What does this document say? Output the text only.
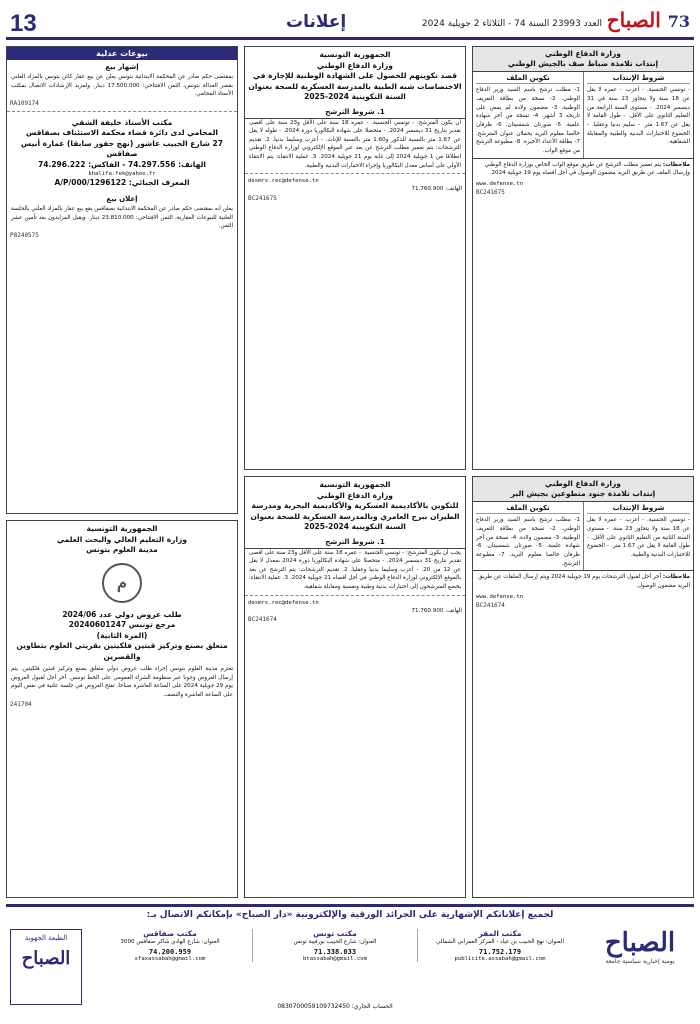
13	إعلانات	العدد 23993 السنة 74 - الثلاثاء 2 جويلية 2024	73 الصباح
وزارة الدفاع الوطني
إنتداب تلامذة ضباط صف بالجيش الوطني
شروط الإنتداب
- تونسي الجنسية. - أعزب. - عمره لا يقل عن 18 سنة ولا يتجاوز 23 سنة في 31 ديسمبر 2024. - مستوى السنة الرابعة من التعليم الثانوي على الأقل. - طول القامة لا يقل عن 1.67 متر. - سليم بدنيا وعقليا. - الخضوع للاختبارات البدنية والطبية والمقابلة الشفاهية.
تكوين الملف
1- مطلب ترشح باسم السيد وزير الدفاع الوطني. 2- نسخة من بطاقة التعريف الوطنية. 3- مضمون ولادة لم يمض على تاريخه 3 أشهر. 4- نسخة من آخر شهادة علمية. 5- صورتان شمسيتان. 6- ظرفان خالصا معلوم البريد يحملان عنوان المترشح. 7- بطاقة الأعداد الأخيرة. 8- مطبوعة الترشح من موقع الواب.
ملاحظات: يتم تعمير مطلب الترشح عن طريق موقع الواب الخاص بوزارة الدفاع الوطني وإرسال الملف عن طريق البريد مضمون الوصول في أجل أقصاه يوم 19 جويلية 2024.
www.defense.tn
BC241675
وزارة الدفاع الوطني
إنتداب تلامذة جنود متطوعين بجيش البر
شروط الإنتداب
- تونسي الجنسية. - أعزب. - عمره لا يقل عن 18 سنة ولا يتجاوز 23 سنة. - مستوى السنة الثانية من التعليم الثانوي على الأقل. - طول القامة لا يقل عن 1.67 متر. - الخضوع للاختبارات البدنية والطبية.
تكوين الملف
1- مطلب ترشح باسم السيد وزير الدفاع الوطني. 2- نسخة من بطاقة التعريف الوطنية. 3- مضمون ولادة. 4- نسخة من آخر شهادة علمية. 5- صورتان شمسيتان. 6- ظرفان خالصا معلوم البريد. 7- مطبوعة الترشح.
ملاحظات: آخر أجل لقبول الترشحات يوم 19 جويلية 2024 ويتم إرسال الملفات عن طريق البريد مضمون الوصول.
www.defense.tn
BC241674
الجمهورية التونسية
وزارة الدفاع الوطني
قصد تكوينهم للحصول على الشهادة الوطنية للإجازة في الاختصاصات شبه الطبية بالمدرسة العسكرية للصحة بعنوان السنة التكوينية 2024-2025
1. شروط الترشح
أن يكون المترشح: - تونسي الجنسية. - عمره 18 سنة على الأقل و23 سنة على أقصى تقدير بتاريخ 31 ديسمبر 2024. - متحصلا على شهادة البكالوريا دورة 2024. - طوله لا يقل عن 1.67 متر بالنسبة للذكور و1.60 متر بالنسبة للإناث. - أعزب وسليما بدنيا. 2. تقديم الترشحات: يتم تعمير مطلب الترشح عن بعد عبر الموقع الإلكتروني لوزارة الدفاع الوطني انطلاقا من 1 جويلية 2024 إلى غاية يوم 21 جويلية 2024. 3. عملية الانتقاء: يتم الانتقاء الأولي على أساس معدل البكالوريا وإجراء الاختبارات البدنية والطبية.
desmrs.rec@defense.tn
الهاتف: 71.760.900
BC241675
الجمهورية التونسية
وزارة الدفاع الوطني
للتكوين بالأكاديمية العسكرية والأكاديمية البحرية ومدرسة الطيران ببرج العامري وبالمدرسة العسكرية للصحة بعنوان السنة التكوينية 2024-2025
1. شروط الترشح
يجب أن يكون المترشح: - تونسي الجنسية. - عمره 18 سنة على الأقل و23 سنة على أقصى تقدير بتاريخ 31 ديسمبر 2024. - متحصلا على شهادة البكالوريا دورة 2024 بمعدل لا يقل عن 12 من 20. - أعزب وسليما بدنيا وعقليا. 2. تقديم الترشحات: يتم الترشح عن بعد بالموقع الإلكتروني لوزارة الدفاع الوطني في أجل أقصاه 21 جويلية 2024. 3. عملية الانتقاء: يخضع المترشحون إلى اختبارات بدنية وطبية ونفسية ومقابلة شفاهية.
desmrs.rec@defense.tn
الهاتف: 71.760.900
BC241674
بيوعات عدلية
إشهار بيع
بمقتضى حكم صادر عن المحكمة الابتدائية بتونس يعلن عن بيع عقار كائن بتونس بالمزاد العلني بقصر العدالة بتونس، الثمن الافتتاحي: 17.500.000 دينار. ولمزيد الإرشادات الاتصال بمكتب الأستاذ المحامي.
RA109174
مكتب الأستاذ خليفة الشقي
المحامي لدى دائرة قضاء محكمة الاستئناف بصفاقس
27 شارع الحبيب عاشور (نهج حفوز سابقا) عمارة أنيس صفاقس
الهاتف: 74.297.556 - الفاكس: 74.296.222
khalifa.fek@yahoo.fr
المعرف الجبائي: 1296122/A/P/000
إعلان بيع
يعلن أنه بمقتضى حكم صادر عن المحكمة الابتدائية بصفاقس يقع بيع عقار بالمزاد العلني بالجلسة العلنية للبيوعات العقارية، الثمن الافتتاحي: 23.810.000 دينار. ويقبل المزايدون بعد تأمين عشر الثمن.
P8240575
الجمهورية التونسية
وزارة التعليم العالي والبحث العلمي
مدينة العلوم بتونس
م
طلب عروض دولي عدد 2024/06
مرجع تونبس 20240601247
(المرة الثانية)
متعلق بصنع وتركيز قبتين فلكيتين بقريتي العلوم بتطاوين والقصرين
تعتزم مدينة العلوم بتونس إجراء طلب عروض دولي متعلق بصنع وتركيز قبتين فلكيتين. يتم إرسال العروض وجوبا عبر منظومة الشراء العمومي على الخط تونبس. آخر أجل لقبول العروض يوم 29 جويلية 2024 على الساعة العاشرة صباحا. تفتح العروض في جلسة علنية في نفس اليوم على الساعة العاشرة والنصف.
241704
لجميع إعلاناتكم الإشهارية على الجرائد الورقية والإلكترونية «دار الصباح» بإمكانكم الاتصال بـ:
الصباح
يومية إخبارية سياسية جامعة
مكتب المقر
العنوان: نهج الحبيب بن عياد - المركز العمراني الشمالي
71.752.179
publicite.assabah@gmail.com
مكتب تونس
العنوان: شارع الحبيب بورقيبة تونس
71.338.033
btassabah@gmail.com
مكتب صفاقس
العنوان: شارع الهادي شاكر صفاقس 3000
74.200.959
sfaxassabah@gmail.com
الحساب الجاري: 0830700059109732450
الطبعة الجهوية
الصباح
